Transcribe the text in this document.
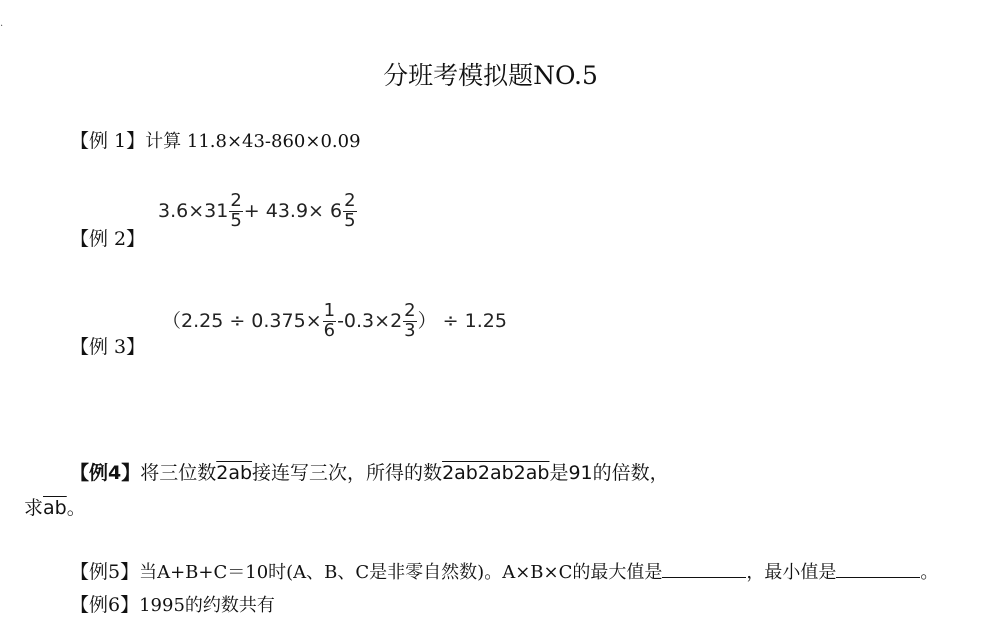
.
分班考模拟题NO.5
【例 1】计算 11.8×43-860×0.09
【例 2】
$3.6\times 31 \frac{2}{5} + 43.9\times 6 \frac{2}{5}$
【例 3】
（$2.25 \div 0.375\times \frac{1}{6} -0.3\times 2 \frac{2}{3}$ ） ÷ 1.25
【例4】将三位数2ab接连写三次，所得的数2ab2ab2ab是91的倍数，
求$\overline{ab}$。
【例5】当A+B+C＝10时(A、B、C是非零自然数)。A×B×C的最大值是	，最小值是	。
【例6】1995的约数共有
